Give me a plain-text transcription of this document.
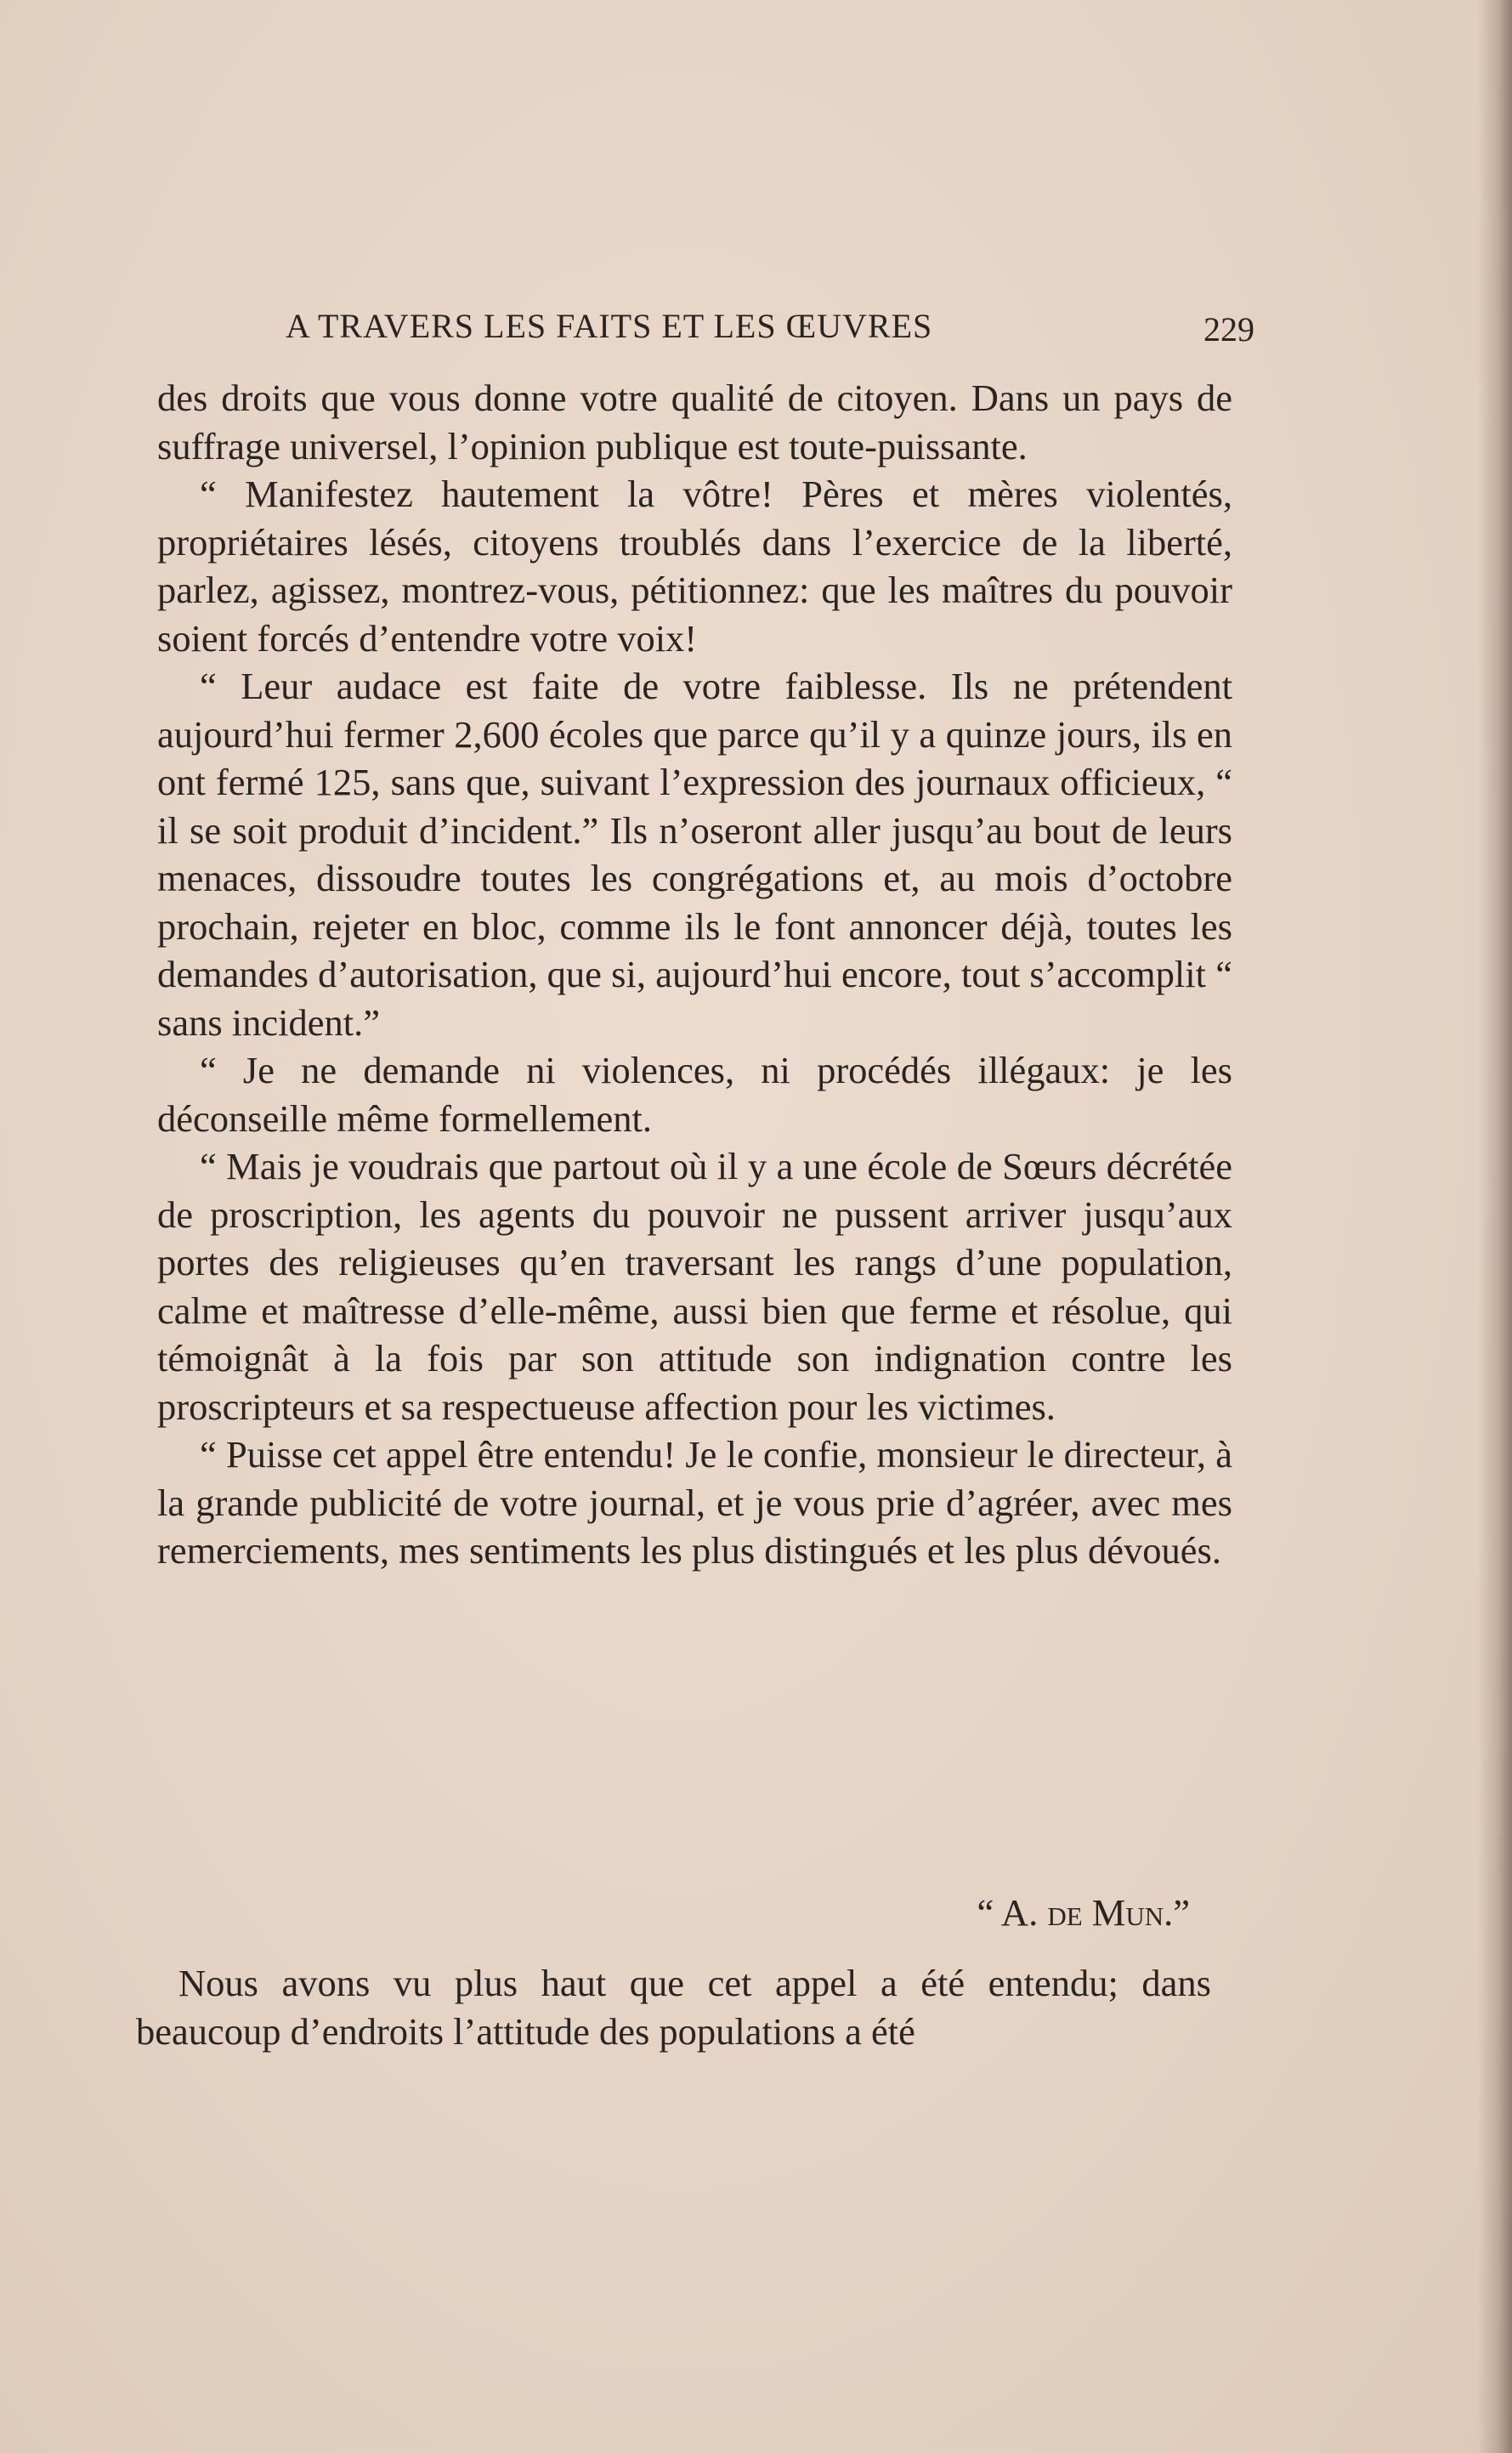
A TRAVERS LES FAITS ET LES ŒUVRES	229

des droits que vous donne votre qualité de citoyen. Dans un pays de suffrage universel, l’opinion publique est toute-puissante.

“ Manifestez hautement la vôtre! Pères et mères violentés, propriétaires lésés, citoyens troublés dans l’exercice de la liberté, parlez, agissez, montrez-vous, pétitionnez: que les maîtres du pouvoir soient forcés d’entendre votre voix!

“ Leur audace est faite de votre faiblesse. Ils ne prétendent aujourd’hui fermer 2,600 écoles que parce qu’il y a quinze jours, ils en ont fermé 125, sans que, suivant l’expression des journaux officieux, “ il se soit produit d’incident.” Ils n’oseront aller jusqu’au bout de leurs menaces, dissoudre toutes les congrégations et, au mois d’octobre prochain, rejeter en bloc, comme ils le font annoncer déjà, toutes les demandes d’autorisation, que si, aujourd’hui encore, tout s’accomplit “ sans incident.”

“ Je ne demande ni violences, ni procédés illégaux: je les déconseille même formellement.

“ Mais je voudrais que partout où il y a une école de Sœurs décrétée de proscription, les agents du pouvoir ne pussent arriver jusqu’aux portes des religieuses qu’en traversant les rangs d’une population, calme et maîtresse d’elle-même, aussi bien que ferme et résolue, qui témoignât à la fois par son attitude son indignation contre les proscripteurs et sa respectueuse affection pour les victimes.

“ Puisse cet appel être entendu! Je le confie, monsieur le directeur, à la grande publicité de votre journal, et je vous prie d’agréer, avec mes remerciements, mes sentiments les plus distingués et les plus dévoués.

“ A. de Mun.”

Nous avons vu plus haut que cet appel a été entendu; dans beaucoup d’endroits l’attitude des populations a été
